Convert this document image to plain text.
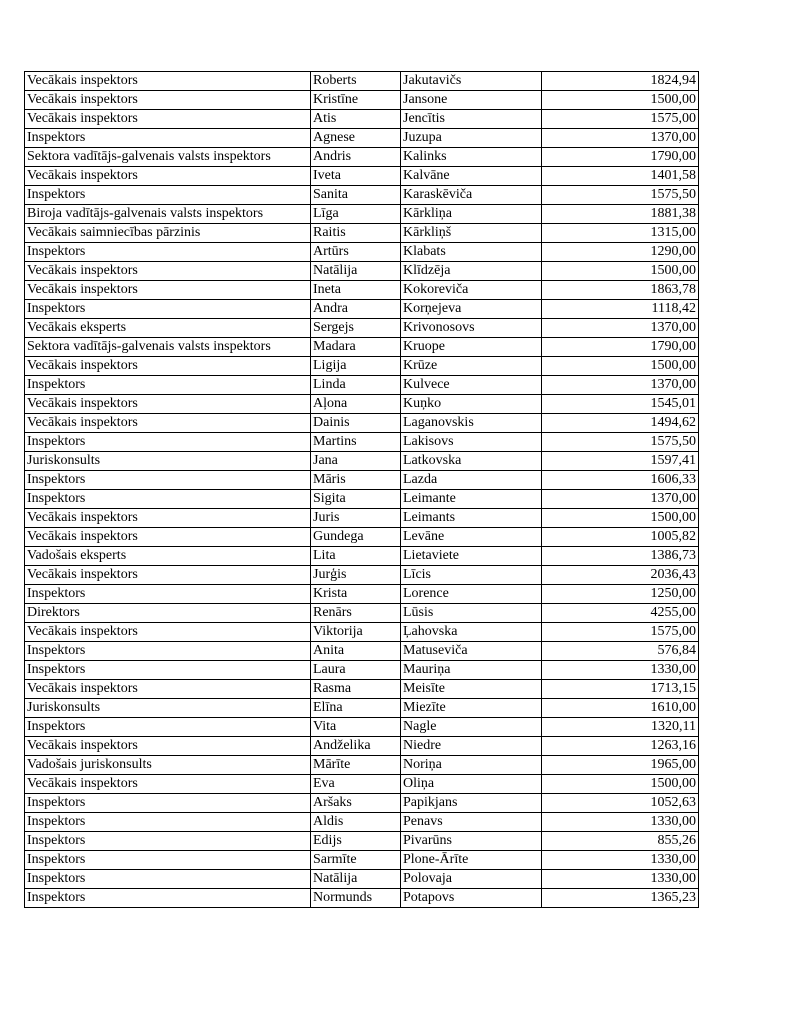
Vecākais inspektors	Roberts	Jakutavičs	1824,94
Vecākais inspektors	Kristīne	Jansone	1500,00
Vecākais inspektors	Atis	Jencītis	1575,00
Inspektors	Agnese	Juzupa	1370,00
Sektora vadītājs-galvenais valsts inspektors	Andris	Kalinks	1790,00
Vecākais inspektors	Iveta	Kalvāne	1401,58
Inspektors	Sanita	Karaskēviča	1575,50
Biroja vadītājs-galvenais valsts inspektors	Līga	Kārkliņa	1881,38
Vecākais saimniecības pārzinis	Raitis	Kārkliņš	1315,00
Inspektors	Artūrs	Klabats	1290,00
Vecākais inspektors	Natālija	Klīdzēja	1500,00
Vecākais inspektors	Ineta	Kokoreviča	1863,78
Inspektors	Andra	Korņejeva	1118,42
Vecākais eksperts	Sergejs	Krivonosovs	1370,00
Sektora vadītājs-galvenais valsts inspektors	Madara	Kruope	1790,00
Vecākais inspektors	Ligija	Krūze	1500,00
Inspektors	Linda	Kulvece	1370,00
Vecākais inspektors	Aļona	Kuņko	1545,01
Vecākais inspektors	Dainis	Laganovskis	1494,62
Inspektors	Martins	Lakisovs	1575,50
Juriskonsults	Jana	Latkovska	1597,41
Inspektors	Māris	Lazda	1606,33
Inspektors	Sigita	Leimante	1370,00
Vecākais inspektors	Juris	Leimants	1500,00
Vecākais inspektors	Gundega	Levāne	1005,82
Vadošais eksperts	Lita	Lietaviete	1386,73
Vecākais inspektors	Jurģis	Līcis	2036,43
Inspektors	Krista	Lorence	1250,00
Direktors	Renārs	Lūsis	4255,00
Vecākais inspektors	Viktorija	Ļahovska	1575,00
Inspektors	Anita	Matuseviča	576,84
Inspektors	Laura	Mauriņa	1330,00
Vecākais inspektors	Rasma	Meisīte	1713,15
Juriskonsults	Elīna	Miezīte	1610,00
Inspektors	Vita	Nagle	1320,11
Vecākais inspektors	Andželika	Niedre	1263,16
Vadošais juriskonsults	Mārīte	Noriņa	1965,00
Vecākais inspektors	Eva	Oliņa	1500,00
Inspektors	Aršaks	Papikjans	1052,63
Inspektors	Aldis	Penavs	1330,00
Inspektors	Edijs	Pivarūns	855,26
Inspektors	Sarmīte	Plone-Ārīte	1330,00
Inspektors	Natālija	Polovaja	1330,00
Inspektors	Normunds	Potapovs	1365,23
